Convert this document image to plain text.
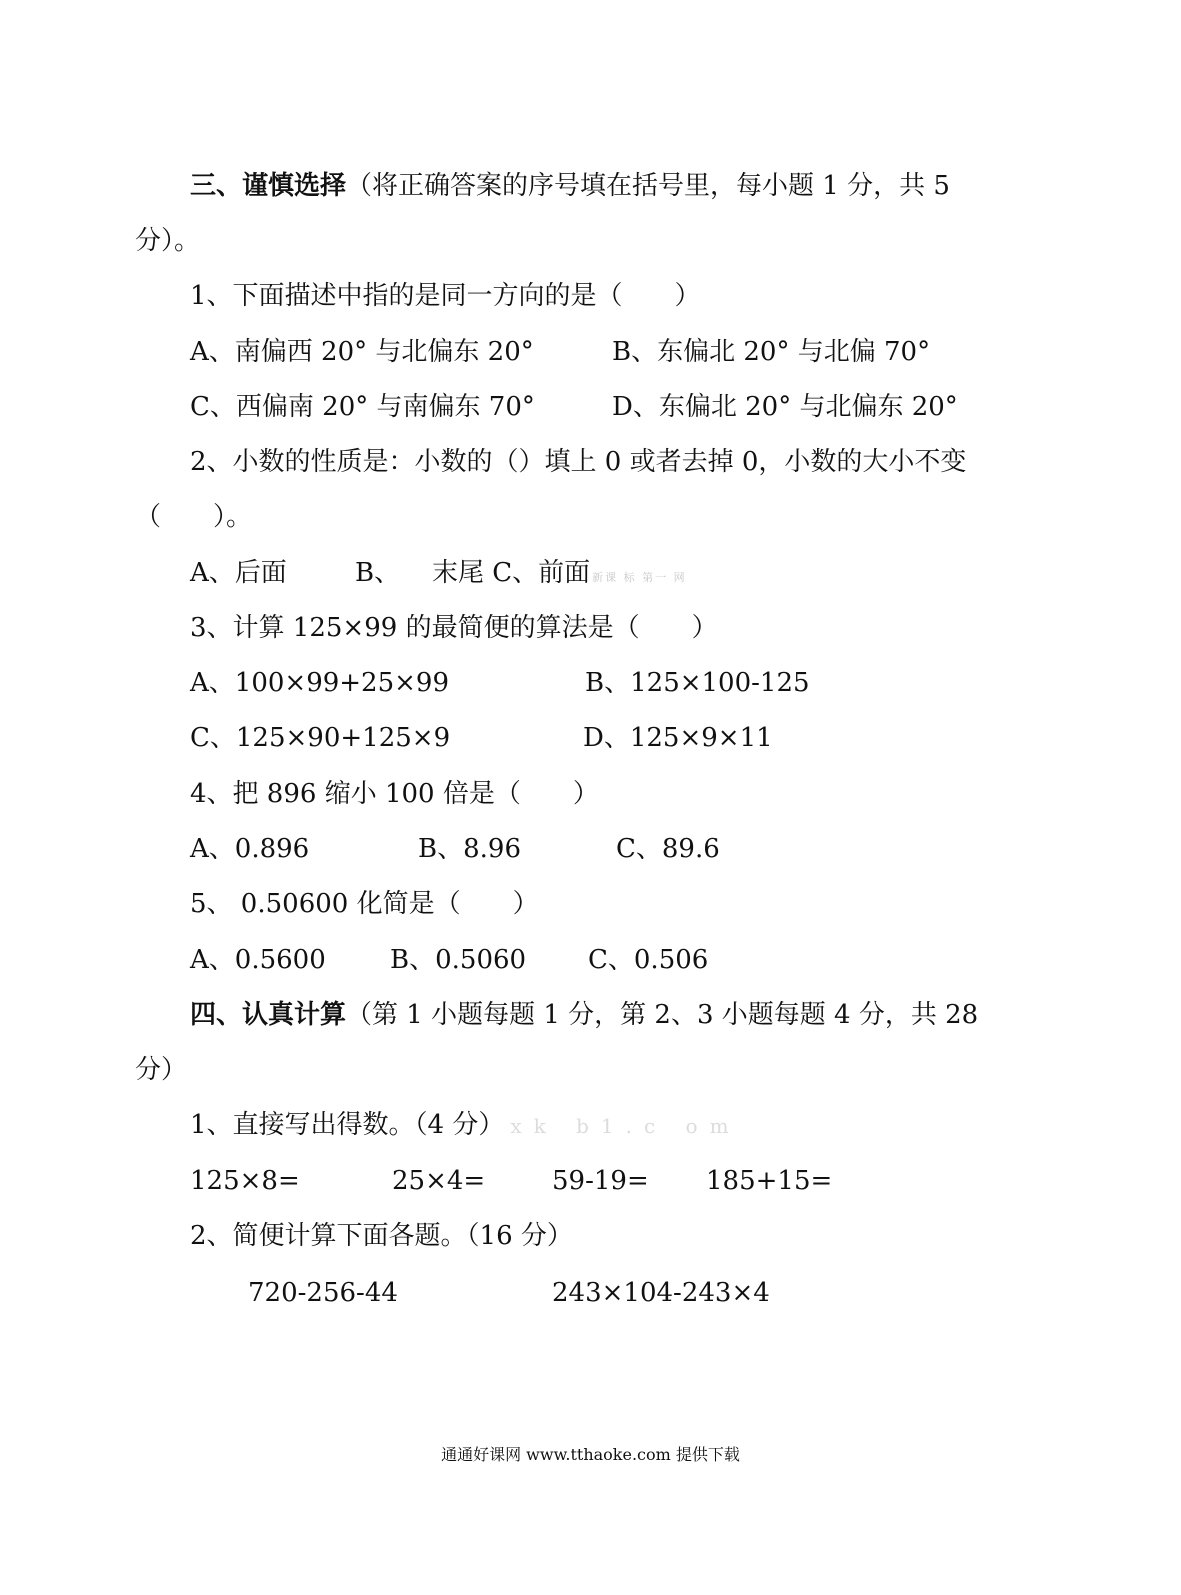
三、谨慎选择（将正确答案的序号填在括号里，每小题 1 分，共 5
分）。
1、下面描述中指的是同一方向的是（　　）
A、南偏西 20° 与北偏东 20°	B、东偏北 20° 与北偏 70°
C、西偏南 20° 与南偏东 70°	D、东偏北 20° 与北偏东 20°
2、小数的性质是：小数的（）填上 0 或者去掉 0，小数的大小不变
（　　）。
A、后面	B、 末尾 C、前面 新课 标 第一 网
3、计算 125×99 的最简便的算法是（　　）
A、100×99+25×99	B、125×100-125
C、125×90+125×9	D、125×9×11
4、把 896 缩小 100 倍是（　　）
A、0.896	B、8.96	C、89.6
5、 0.50600 化简是（　　）
A、0.5600 B、0.5060 C、0.506
四、认真计算（第 1 小题每题 1 分，第 2、3 小题每题 4 分，共 28
分）
1、直接写出得数。（4 分） xk b1.c om
125×8=	25×4=	59-19= 185+15=
2、简便计算下面各题。（16 分）
720-256-44	243×104-243×4
通通好课网 www.tthaoke.com 提供下载
